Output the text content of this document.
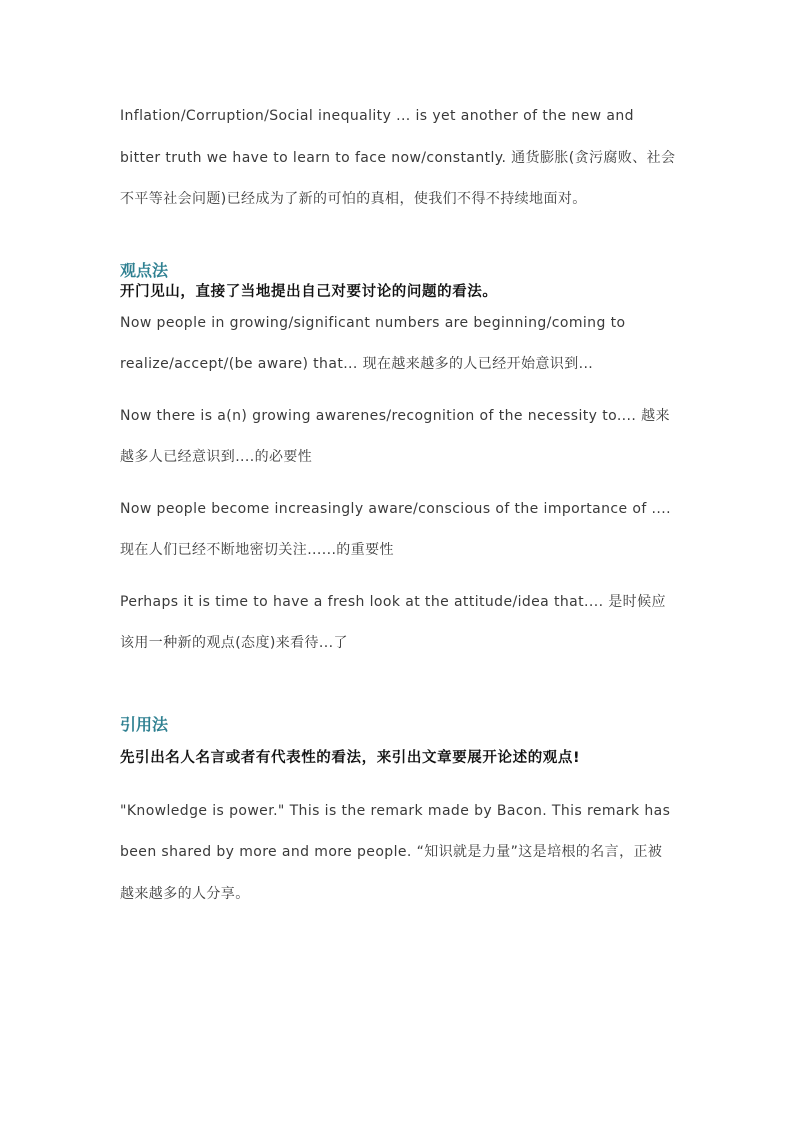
Inflation/Corruption/Social inequality ... is yet another of the new and bitter truth we have to learn to face now/constantly. 通货膨胀(贪污腐败、社会不平等社会问题)已经成为了新的可怕的真相，使我们不得不持续地面对。

观点法

开门见山，直接了当地提出自己对要讨论的问题的看法。

Now people in growing/significant numbers are beginning/coming to realize/accept/(be aware) that... 现在越来越多的人已经开始意识到...

Now there is a(n) growing awarenes/recognition of the necessity to.... 越来越多人已经意识到....的必要性

Now people become increasingly aware/conscious of the importance of .... 现在人们已经不断地密切关注......的重要性

Perhaps it is time to have a fresh look at the attitude/idea that.... 是时候应该用一种新的观点(态度)来看待...了

引用法

先引出名人名言或者有代表性的看法，来引出文章要展开论述的观点!

"Knowledge is power." This is the remark made by Bacon. This remark has been shared by more and more people. “知识就是力量”这是培根的名言，正被越来越多的人分享。
